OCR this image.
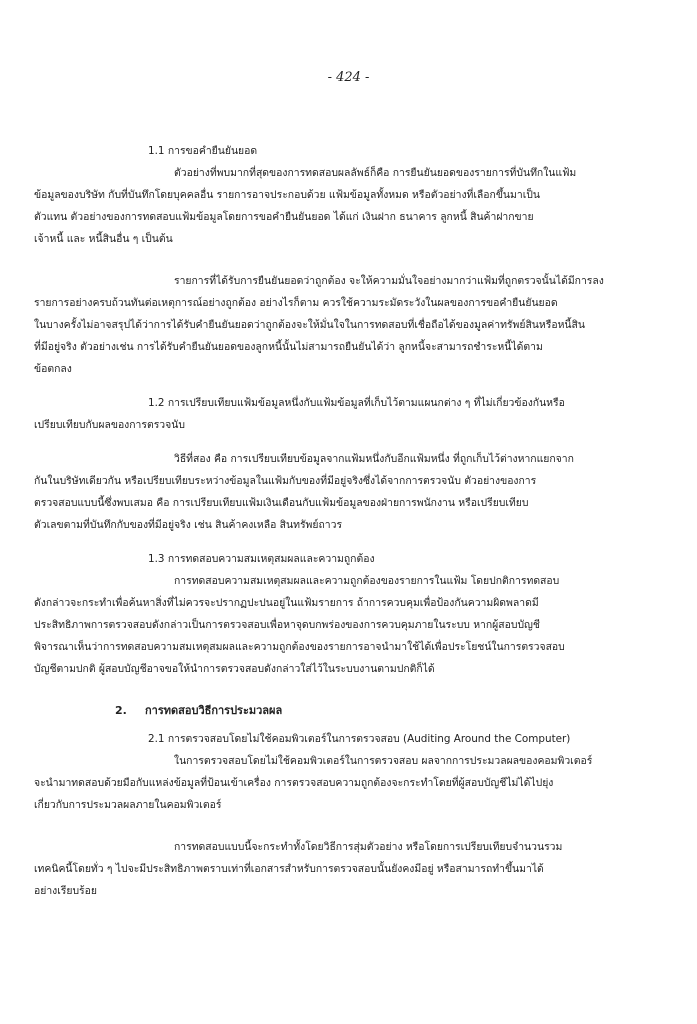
- 424 -
1.1 การขอคำยืนยันยอด
ตัวอย่างที่พบมากที่สุดของการทดสอบผลลัพธ์ก็คือ การยืนยันยอดของรายการที่บันทึกในแฟ้ม
ข้อมูลของบริษัท กับที่บันทึกโดยบุคคลอื่น รายการอาจประกอบด้วย แฟ้มข้อมูลทั้งหมด หรือตัวอย่างที่เลือกขึ้นมาเป็น
ตัวแทน ตัวอย่างของการทดสอบแฟ้มข้อมูลโดยการขอคำยืนยันยอด ได้แก่ เงินฝาก ธนาคาร ลูกหนี้ สินค้าฝากขาย
เจ้าหนี้ และ หนี้สินอื่น ๆ เป็นต้น
รายการที่ได้รับการยืนยันยอดว่าถูกต้อง จะให้ความมั่นใจอย่างมากว่าแฟ้มที่ถูกตรวจนั้นได้มีการลง
รายการอย่างครบถ้วนทันต่อเหตุการณ์อย่างถูกต้อง อย่างไรก็ตาม ควรใช้ความระมัดระวังในผลของการขอคำยืนยันยอด
ในบางครั้งไม่อาจสรุปได้ว่าการได้รับคำยืนยันยอดว่าถูกต้องจะให้มั่นใจในการทดสอบที่เชื่อถือได้ของมูลค่าทรัพย์สินหรือหนี้สิน
ที่มีอยู่จริง ตัวอย่างเช่น การได้รับคำยืนยันยอดของลูกหนี้นั้นไม่สามารถยืนยันได้ว่า ลูกหนี้จะสามารถชำระหนี้ได้ตาม
ข้อตกลง
1.2 การเปรียบเทียบแฟ้มข้อมูลหนึ่งกับแฟ้มข้อมูลที่เก็บไว้ตามแผนกต่าง ๆ ที่ไม่เกี่ยวข้องกันหรือ
เปรียบเทียบกับผลของการตรวจนับ
วิธีที่สอง คือ การเปรียบเทียบข้อมูลจากแฟ้มหนึ่งกับอีกแฟ้มหนึ่ง ที่ถูกเก็บไว้ต่างหากแยกจาก
กันในบริษัทเดียวกัน หรือเปรียบเทียบระหว่างข้อมูลในแฟ้มกับของที่มีอยู่จริงซึ่งได้จากการตรวจนับ ตัวอย่างของการ
ตรวจสอบแบบนี้ซึ่งพบเสมอ คือ การเปรียบเทียบแฟ้มเงินเดือนกับแฟ้มข้อมูลของฝ่ายการพนักงาน หรือเปรียบเทียบ
ตัวเลขตามที่บันทึกกับของที่มีอยู่จริง เช่น สินค้าคงเหลือ สินทรัพย์ถาวร
1.3 การทดสอบความสมเหตุสมผลและความถูกต้อง
การทดสอบความสมเหตุสมผลและความถูกต้องของรายการในแฟ้ม โดยปกติการทดสอบ
ดังกล่าวจะกระทำเพื่อค้นหาสิ่งที่ไม่ควรจะปรากฏปะปนอยู่ในแฟ้มรายการ ถ้าการควบคุมเพื่อป้องกันความผิดพลาดมี
ประสิทธิภาพการตรวจสอบดังกล่าวเป็นการตรวจสอบเพื่อหาจุดบกพร่องของการควบคุมภายในระบบ หากผู้สอบบัญชี
พิจารณาเห็นว่าการทดสอบความสมเหตุสมผลและความถูกต้องของรายการอาจนำมาใช้ได้เพื่อประโยชน์ในการตรวจสอบ
บัญชีตามปกติ ผู้สอบบัญชีอาจขอให้นำการตรวจสอบดังกล่าวใส่ไว้ในระบบงานตามปกติก็ได้
2. การทดสอบวิธีการประมวลผล
2.1 การตรวจสอบโดยไม่ใช้คอมพิวเตอร์ในการตรวจสอบ (Auditing Around the Computer)
ในการตรวจสอบโดยไม่ใช้คอมพิวเตอร์ในการตรวจสอบ ผลจากการประมวลผลของคอมพิวเตอร์
จะนำมาทดสอบด้วยมือกับแหล่งข้อมูลที่ป้อนเข้าเครื่อง การตรวจสอบความถูกต้องจะกระทำโดยที่ผู้สอบบัญชีไม่ได้ไปยุ่ง
เกี่ยวกับการประมวลผลภายในคอมพิวเตอร์
การทดสอบแบบนี้จะกระทำทั้งโดยวิธีการสุ่มตัวอย่าง หรือโดยการเปรียบเทียบจำนวนรวม
เทคนิคนี้โดยทั่ว ๆ ไปจะมีประสิทธิภาพตราบเท่าที่เอกสารสำหรับการตรวจสอบนั้นยังคงมีอยู่ หรือสามารถทำขึ้นมาได้
อย่างเรียบร้อย
